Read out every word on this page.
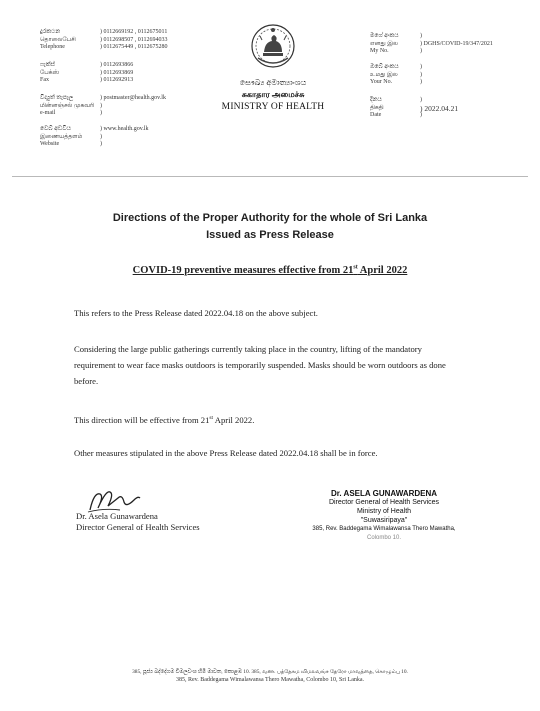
දුරකථන
தொலைபேசி
Telephone
) 0112669192 , 0112675011
) 0112698507 , 0112694033
) 0112675449 , 0112675280
ෆැක්ස්
பேக்ஸ்
Fax
) 0112693866
) 0112693869
) 0112692913
විද්‍යුත් තැපෑල
மின்னஞ்சல் முகவரி
e-mail
) postmaster@health.gov.lk
)
)
වෙබ් අඩවිය
இணையத்தளம்
Website
) www.health.gov.lk
)
)
සෞඛ්‍ය අමාත්‍යාංශය
சுகாதார அமைச்சு
MINISTRY OF HEALTH
මගේ අංකය
எனது இல
My No.
)
) DGHS/COVID-19/347/2021
)
ඔබේ අංකය
உமது இல
Your No.
)
)
)
දිනය
திகதி
Date
)
) 2022.04.21
)
Directions of the Proper Authority for the whole of Sri Lanka
Issued as Press Release
COVID-19 preventive measures effective from 21st April 2022
This refers to the Press Release dated 2022.04.18 on the above subject.
Considering the large public gatherings currently taking place in the country, lifting of the mandatory requirement to wear face masks outdoors is temporarily suspended. Masks should be worn outdoors as done before.
This direction will be effective from 21st April 2022.
Other measures stipulated in the above Press Release dated 2022.04.18 shall be in force.
Dr. Asela Gunawardena
Director General of Health Services
Dr. ASELA GUNAWARDENA
Director General of Health Services
Ministry of Health
"Suwasiripaya"
385, Rev. Baddegama Wimalawansa Thero Mawatha,
Colombo 10.
385, පූජ්‍ය බද්දේගම විමලවංශ හිමි මාවත, කොළඹ 10. 385, வண. பத்தேகம விமலவங்ச தேரோ மாவத்தை, கொழும்பு 10.
385, Rev. Baddegama Wimalawansa Thero Mawatha, Colombo 10, Sri Lanka.
